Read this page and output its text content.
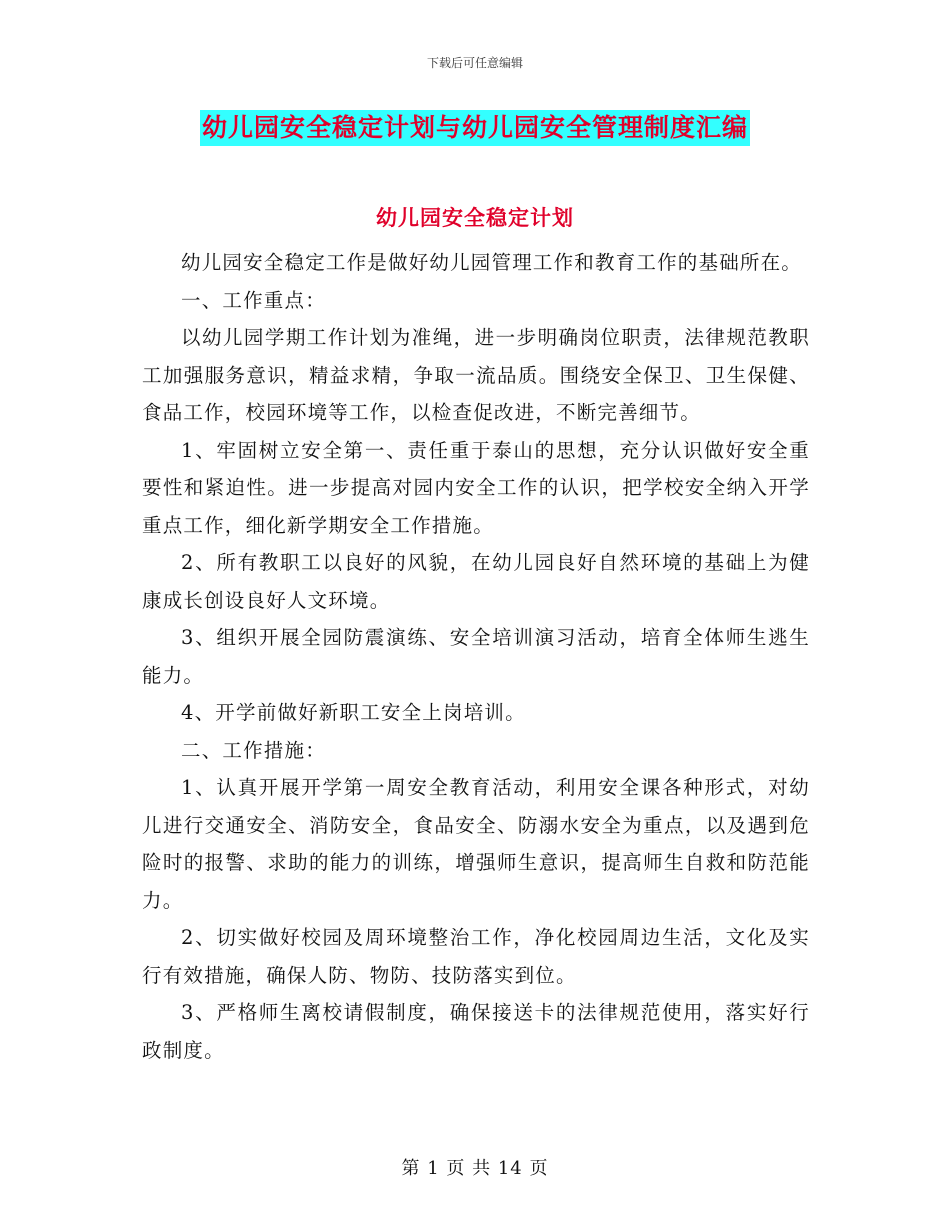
下载后可任意编辑
幼儿园安全稳定计划与幼儿园安全管理制度汇编
幼儿园安全稳定计划

幼儿园安全稳定工作是做好幼儿园管理工作和教育工作的基础所在。

一、工作重点：

以幼儿园学期工作计划为准绳，进一步明确岗位职责，法律规范教职工加强服务意识，精益求精，争取一流品质。围绕安全保卫、卫生保健、食品工作，校园环境等工作，以检查促改进，不断完善细节。

1、牢固树立安全第一、责任重于泰山的思想，充分认识做好安全重要性和紧迫性。进一步提高对园内安全工作的认识，把学校安全纳入开学重点工作，细化新学期安全工作措施。

2、所有教职工以良好的风貌，在幼儿园良好自然环境的基础上为健康成长创设良好人文环境。

3、组织开展全园防震演练、安全培训演习活动，培育全体师生逃生能力。

4、开学前做好新职工安全上岗培训。

二、工作措施：

1、认真开展开学第一周安全教育活动，利用安全课各种形式，对幼儿进行交通安全、消防安全，食品安全、防溺水安全为重点，以及遇到危险时的报警、求助的能力的训练，增强师生意识，提高师生自救和防范能力。

2、切实做好校园及周环境整治工作，净化校园周边生活，文化及实行有效措施，确保人防、物防、技防落实到位。

3、严格师生离校请假制度，确保接送卡的法律规范使用，落实好行政制度。

第 1 页 共 14 页
